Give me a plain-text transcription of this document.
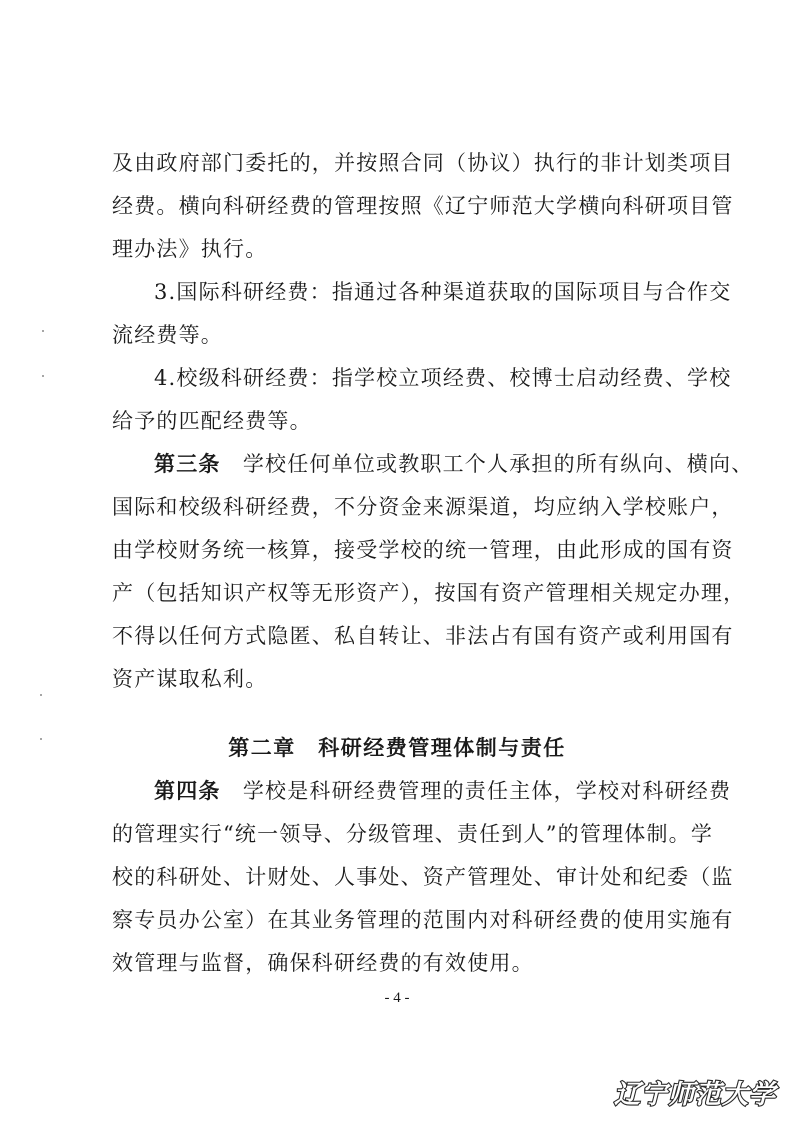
及由政府部门委托的，并按照合同（协议）执行的非计划类项目
经费。横向科研经费的管理按照《辽宁师范大学横向科研项目管
理办法》执行。
3.国际科研经费：指通过各种渠道获取的国际项目与合作交
流经费等。
4.校级科研经费：指学校立项经费、校博士启动经费、学校
给予的匹配经费等。
第三条　 学校任何单位或教职工个人承担的所有纵向、横向、
国际和校级科研经费，不分资金来源渠道，均应纳入学校账户，
由学校财务统一核算，接受学校的统一管理，由此形成的国有资
产（包括知识产权等无形资产），按国有资产管理相关规定办理，
不得以任何方式隐匿、私自转让、非法占有国有资产或利用国有
资产谋取私利。
第二章　科研经费管理体制与责任
第四条　 学校是科研经费管理的责任主体，学校对科研经费
的管理实行“统一领导、分级管理、责任到人”的管理体制。学
校的科研处、计财处、人事处、资产管理处、审计处和纪委（监
察专员办公室）在其业务管理的范围内对科研经费的使用实施有
效管理与监督，确保科研经费的有效使用。
- 4 -
辽宁师范大学
